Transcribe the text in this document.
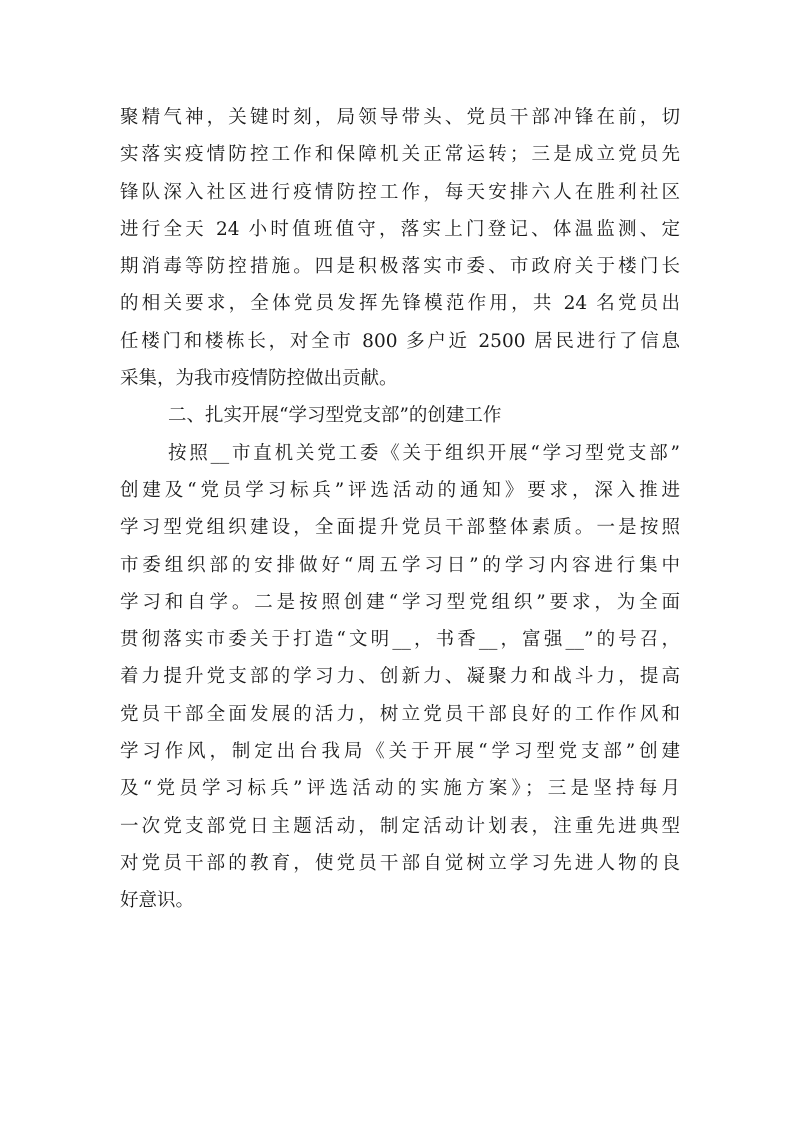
聚精气神，关键时刻，局领导带头、党员干部冲锋在前，切
实落实疫情防控工作和保障机关正常运转；三是成立党员先
锋队深入社区进行疫情防控工作，每天安排六人在胜利社区
进行全天 24 小时值班值守，落实上门登记、体温监测、定
期消毒等防控措施。四是积极落实市委、市政府关于楼门长
的相关要求，全体党员发挥先锋模范作用，共 24 名党员出
任楼门和楼栋长，对全市 800 多户近 2500 居民进行了信息
采集，为我市疫情防控做出贡献。
二、扎实开展“学习型党支部”的创建工作
按照__市直机关党工委《关于组织开展“学习型党支部”
创建及“党员学习标兵”评选活动的通知》要求，深入推进
学习型党组织建设，全面提升党员干部整体素质。一是按照
市委组织部的安排做好“周五学习日”的学习内容进行集中
学习和自学。二是按照创建“学习型党组织”要求，为全面
贯彻落实市委关于打造“文明__，书香__，富强__”的号召，
着力提升党支部的学习力、创新力、凝聚力和战斗力，提高
党员干部全面发展的活力，树立党员干部良好的工作作风和
学习作风，制定出台我局《关于开展“学习型党支部”创建
及“党员学习标兵”评选活动的实施方案》；三是坚持每月
一次党支部党日主题活动，制定活动计划表，注重先进典型
对党员干部的教育，使党员干部自觉树立学习先进人物的良
好意识。
